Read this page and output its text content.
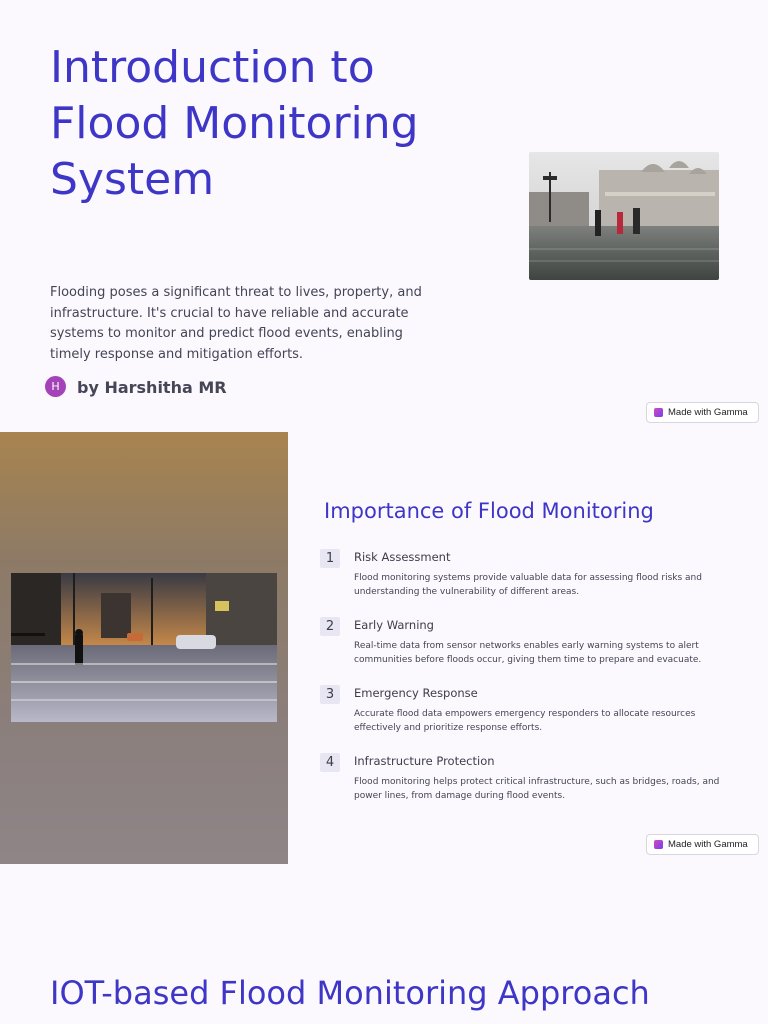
Introduction to Flood Monitoring System

Flooding poses a significant threat to lives, property, and infrastructure. It's crucial to have reliable and accurate systems to monitor and predict flood events, enabling timely response and mitigation efforts.

H	by Harshitha MR
Made with Gamma
Importance of Flood Monitoring
1	Risk Assessment
Flood monitoring systems provide valuable data for assessing flood risks and understanding the vulnerability of different areas.
2	Early Warning
Real-time data from sensor networks enables early warning systems to alert communities before floods occur, giving them time to prepare and evacuate.
3	Emergency Response
Accurate flood data empowers emergency responders to allocate resources effectively and prioritize response efforts.
4	Infrastructure Protection
Flood monitoring helps protect critical infrastructure, such as bridges, roads, and power lines, from damage during flood events.
Made with Gamma
IOT-based Flood Monitoring Approach
